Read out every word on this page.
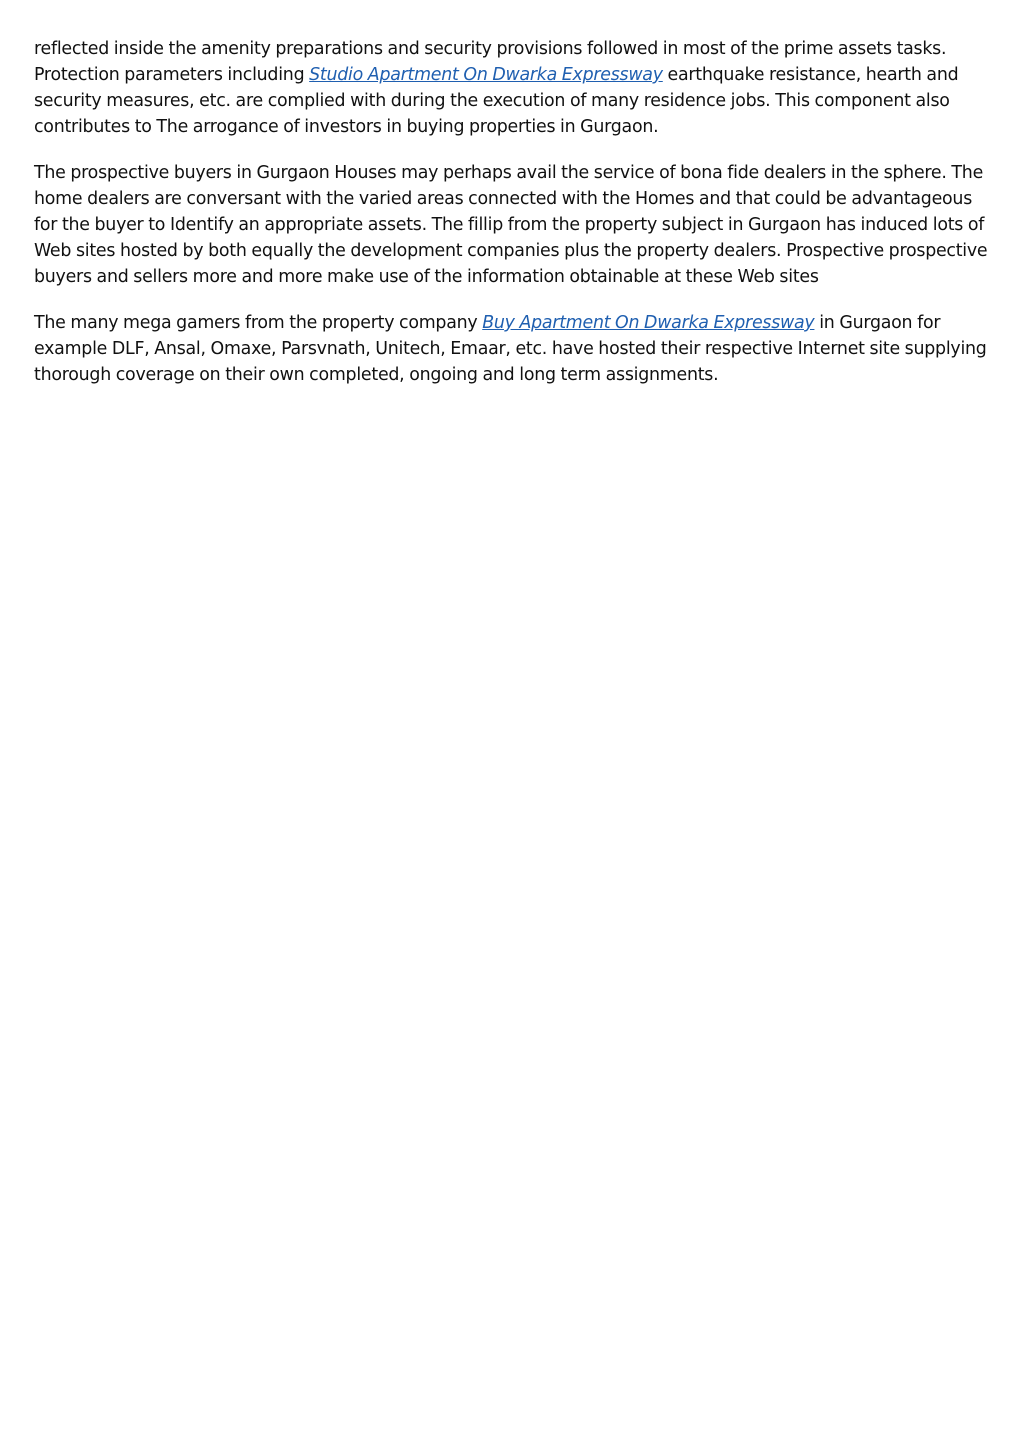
reflected inside the amenity preparations and security provisions followed in most of the prime assets tasks. Protection parameters including Studio Apartment On Dwarka Expressway earthquake resistance, hearth and security measures, etc. are complied with during the execution of many residence jobs. This component also contributes to The arrogance of investors in buying properties in Gurgaon.

The prospective buyers in Gurgaon Houses may perhaps avail the service of bona fide dealers in the sphere. The home dealers are conversant with the varied areas connected with the Homes and that could be advantageous for the buyer to Identify an appropriate assets. The fillip from the property subject in Gurgaon has induced lots of Web sites hosted by both equally the development companies plus the property dealers. Prospective prospective buyers and sellers more and more make use of the information obtainable at these Web sites

The many mega gamers from the property company Buy Apartment On Dwarka Expressway in Gurgaon for example DLF, Ansal, Omaxe, Parsvnath, Unitech, Emaar, etc. have hosted their respective Internet site supplying thorough coverage on their own completed, ongoing and long term assignments.
